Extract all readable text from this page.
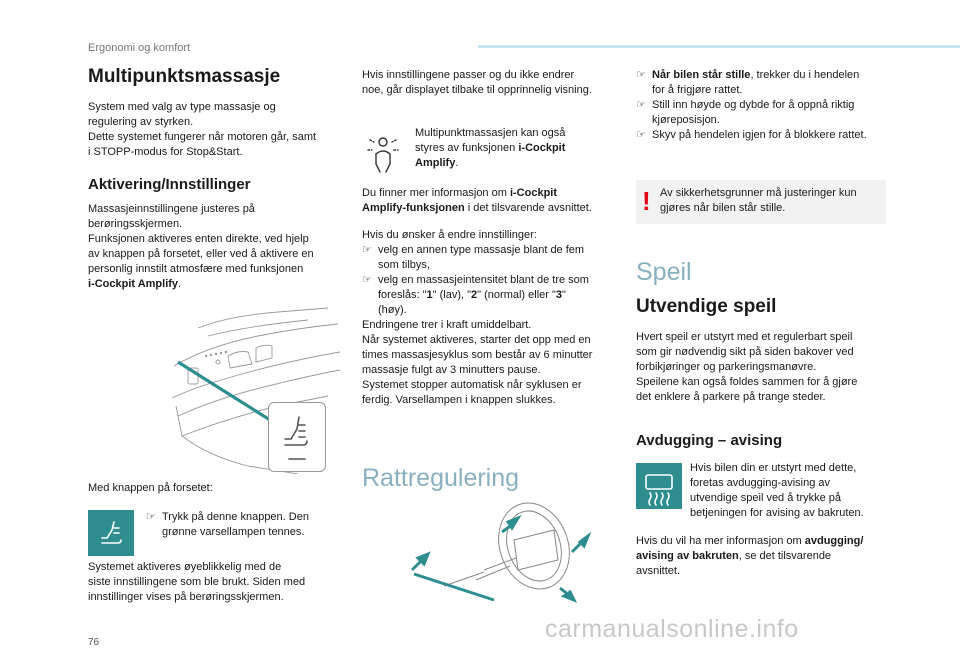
Ergonomi og komfort

Multipunktsmassasje

System med valg av type massasje og

regulering av styrken.

Dette systemet fungerer når motoren går, samt

i STOPP-modus for Stop&Start.

Aktivering/Innstillinger

Massasjeinnstillingene justeres på

berøringsskjermen.

Funksjonen aktiveres enten direkte, ved hjelp

av knappen på forsetet, eller ved å aktivere en

personlig innstilt atmosfære med funksjonen

i-Cockpit Amplify.

Med knappen på forsetet:

☞ Trykk på denne knappen. Den

grønne varsellampen tennes.

Systemet aktiveres øyeblikkelig med de

siste innstillingene som ble brukt. Siden med

innstillinger vises på berøringsskjermen.

76

Hvis innstillingene passer og du ikke endrer

noe, går displayet tilbake til opprinnelig visning.

Multipunktmassasjen kan også

styres av funksjonen i-Cockpit

Amplify.

Du finner mer informasjon om i-Cockpit

Amplify-funksjonen i det tilsvarende avsnittet.

Hvis du ønsker å endre innstillinger:

☞ velg en annen type massasje blant de fem

som tilbys,

☞ velg en massasjeintensitet blant de tre som

foreslås: "1" (lav), "2" (normal) eller "3"

(høy).

Endringene trer i kraft umiddelbart.

Når systemet aktiveres, starter det opp med en

times massasjesyklus som består av 6 minutter

massasje fulgt av 3 minutters pause.

Systemet stopper automatisk når syklusen er

ferdig. Varsellampen i knappen slukkes.

Rattregulering

☞ Når bilen står stille, trekker du i hendelen

for å frigjøre rattet.

☞ Still inn høyde og dybde for å oppnå riktig

kjøreposisjon.

☞ Skyv på hendelen igjen for å blokkere rattet.

! Av sikkerhetsgrunner må justeringer kun

gjøres når bilen står stille.

Speil

Utvendige speil

Hvert speil er utstyrt med et regulerbart speil

som gir nødvendig sikt på siden bakover ved

forbikjøringer og parkeringsmanøvre.

Speilene kan også foldes sammen for å gjøre

det enklere å parkere på trange steder.

Avdugging – avising

Hvis bilen din er utstyrt med dette,

foretas avdugging-avising av

utvendige speil ved å trykke på

betjeningen for avising av bakruten.

Hvis du vil ha mer informasjon om avdugging/

avising av bakruten, se det tilsvarende

avsnittet.

carmanualsonline.info
